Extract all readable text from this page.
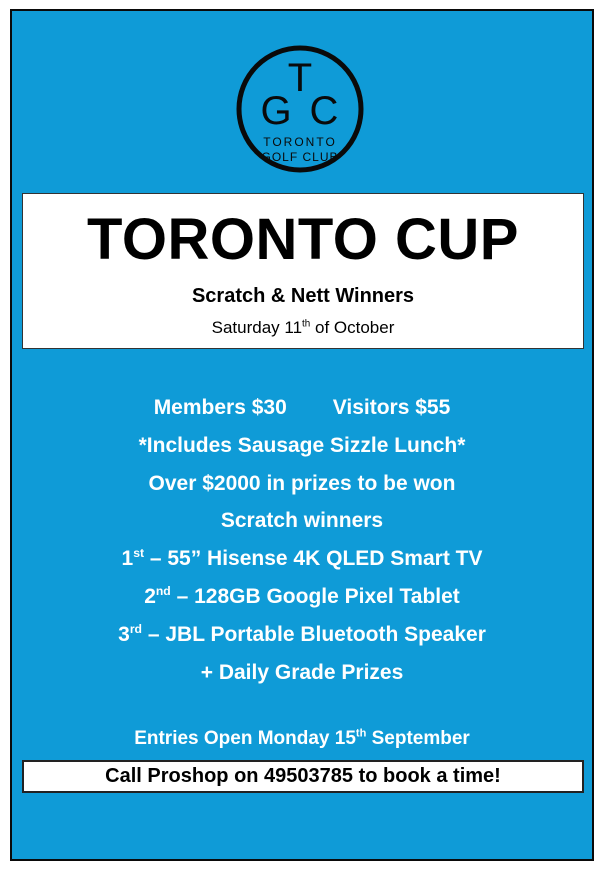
T
G C
TORONTO
GOLF CLUB
TORONTO CUP
Scratch & Nett Winners
Saturday 11th of October
Members $30 Visitors $55
*Includes Sausage Sizzle Lunch*
Over $2000 in prizes to be won
Scratch winners
1st – 55” Hisense 4K QLED Smart TV
2nd – 128GB Google Pixel Tablet
3rd – JBL Portable Bluetooth Speaker
+ Daily Grade Prizes
Entries Open Monday 15th September
Call Proshop on 49503785 to book a time!
